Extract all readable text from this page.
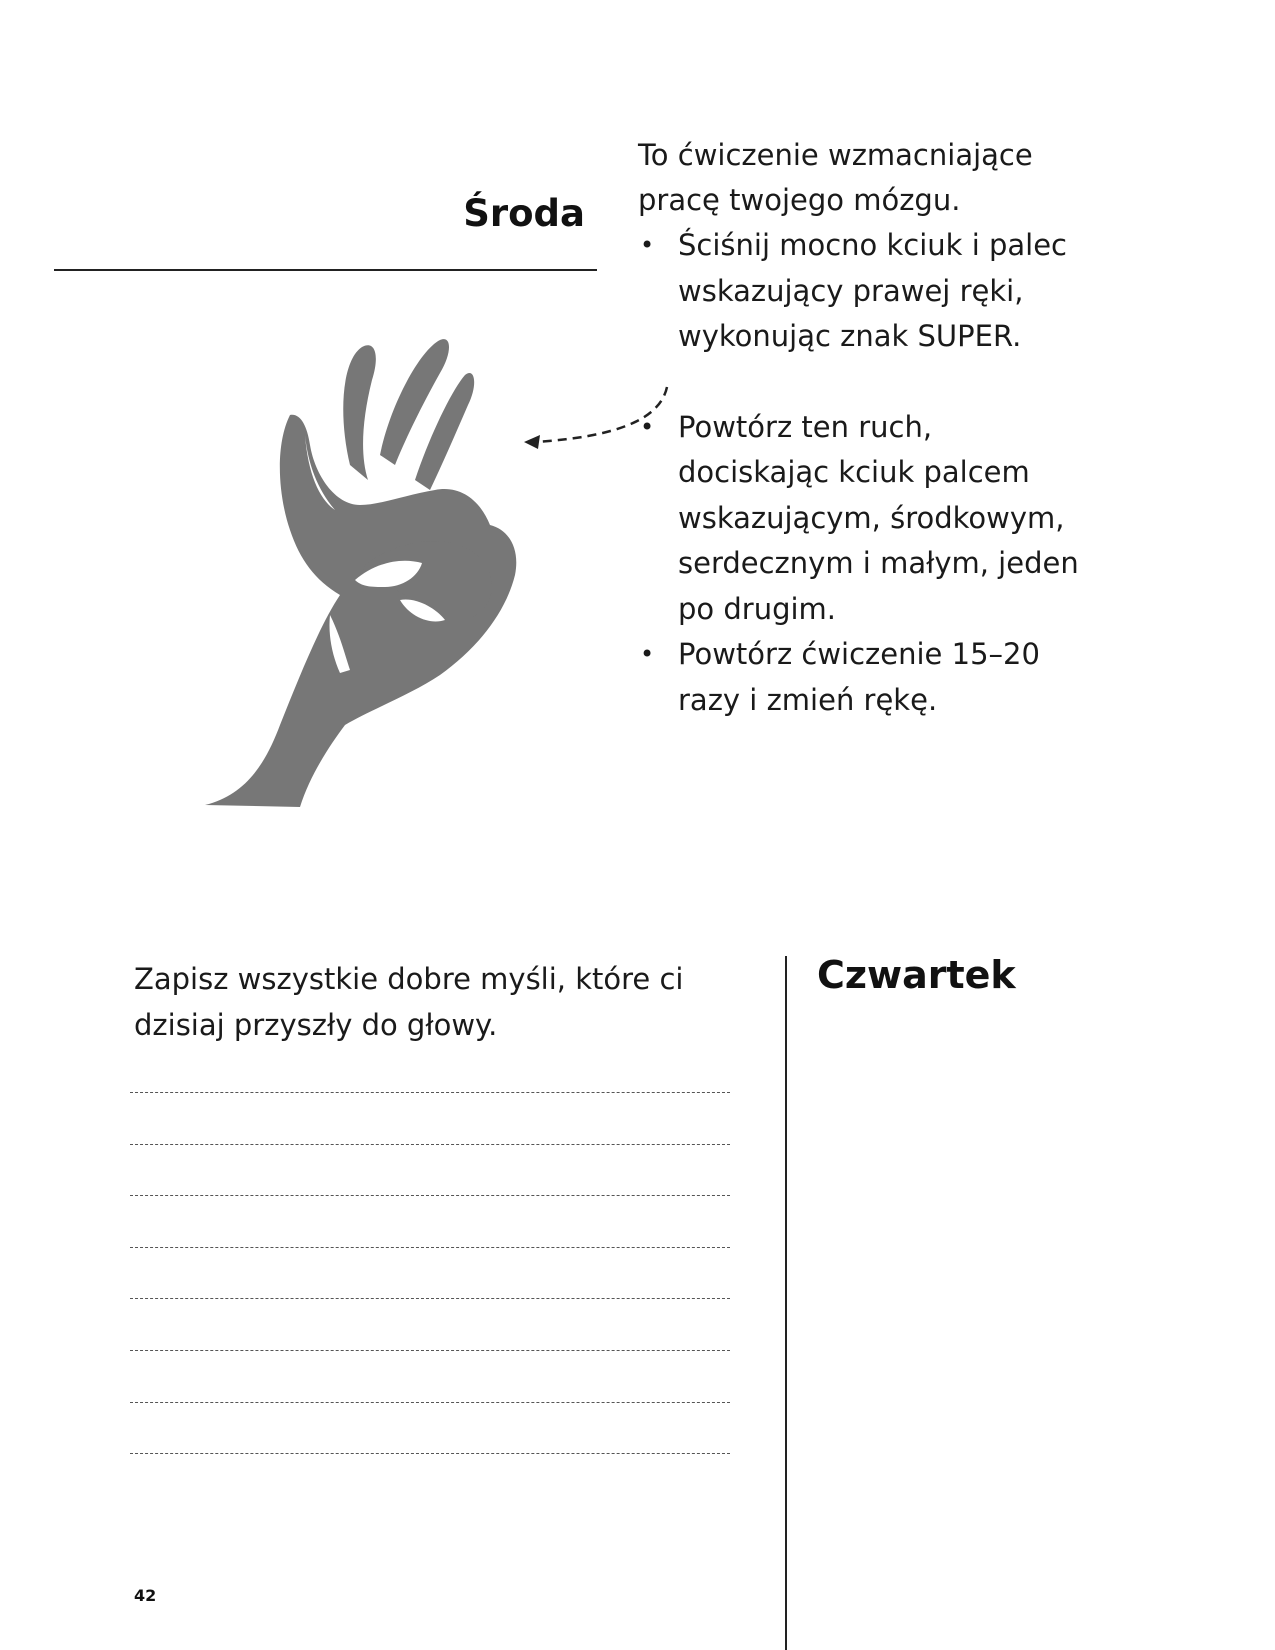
Środa

To ćwiczenie wzmacniające pracę twojego mózgu.

• Ściśnij mocno kciuk i palec wskazujący prawej ręki, wykonując znak SUPER.
• Powtórz ten ruch, dociskając kciuk palcem wskazującym, środkowym, serdecznym i małym, jeden po drugim.
• Powtórz ćwiczenie 15–20 razy i zmień rękę.

Zapisz wszystkie dobre myśli, które ci dzisiaj przyszły do głowy.

Czwartek
42
